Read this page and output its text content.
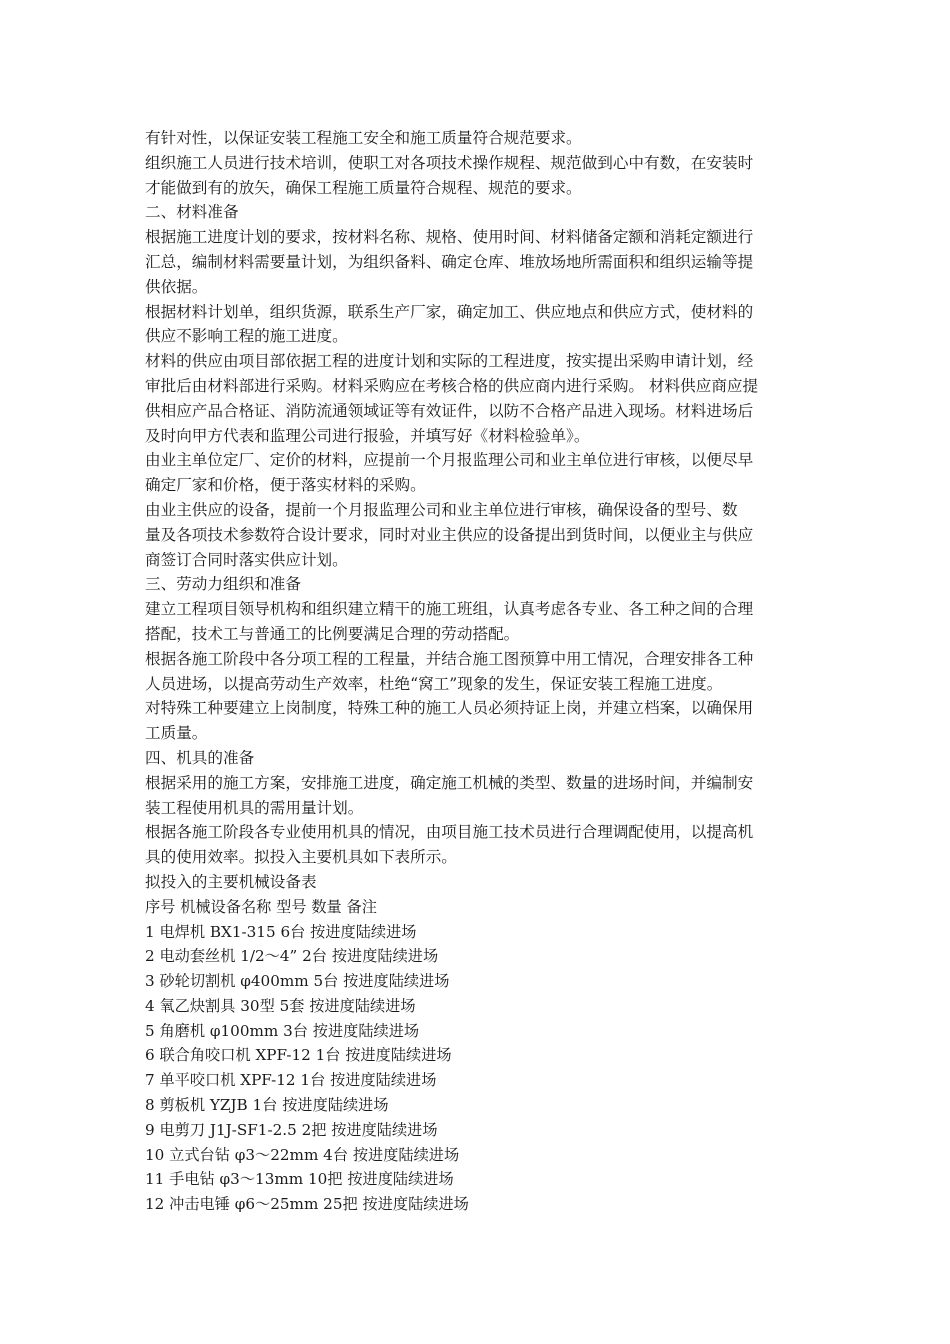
有针对性，以保证安装工程施工安全和施工质量符合规范要求。

组织施工人员进行技术培训，使职工对各项技术操作规程、规范做到心中有数，在安装时

才能做到有的放矢，确保工程施工质量符合规程、规范的要求。

二、材料准备

根据施工进度计划的要求，按材料名称、规格、使用时间、材料储备定额和消耗定额进行

汇总，编制材料需要量计划，为组织备料、确定仓库、堆放场地所需面积和组织运输等提

供依据。

根据材料计划单，组织货源，联系生产厂家，确定加工、供应地点和供应方式，使材料的

供应不影响工程的施工进度。

材料的供应由项目部依据工程的进度计划和实际的工程进度，按实提出采购申请计划，经

审批后由材料部进行采购。材料采购应在考核合格的供应商内进行采购。 材料供应商应提

供相应产品合格证、消防流通领域证等有效证件，以防不合格产品进入现场。材料进场后

及时向甲方代表和监理公司进行报验，并填写好《材料检验单》。

由业主单位定厂、定价的材料，应提前一个月报监理公司和业主单位进行审核，以便尽早

确定厂家和价格，便于落实材料的采购。

由业主供应的设备，提前一个月报监理公司和业主单位进行审核，确保设备的型号、数

量及各项技术参数符合设计要求，同时对业主供应的设备提出到货时间，以便业主与供应

商签订合同时落实供应计划。

三、劳动力组织和准备

建立工程项目领导机构和组织建立精干的施工班组，认真考虑各专业、各工种之间的合理

搭配，技术工与普通工的比例要满足合理的劳动搭配。

根据各施工阶段中各分项工程的工程量，并结合施工图预算中用工情况，合理安排各工种

人员进场，以提高劳动生产效率，杜绝“窝工”现象的发生，保证安装工程施工进度。

对特殊工种要建立上岗制度，特殊工种的施工人员必须持证上岗，并建立档案，以确保用

工质量。

四、机具的准备

根据采用的施工方案，安排施工进度，确定施工机械的类型、数量的进场时间，并编制安

装工程使用机具的需用量计划。

根据各施工阶段各专业使用机具的情况，由项目施工技术员进行合理调配使用，以提高机

具的使用效率。拟投入主要机具如下表所示。

拟投入的主要机械设备表

序号 机械设备名称 型号 数量 备注

1 电焊机 BX1-315 6台 按进度陆续进场

2 电动套丝机 1/2～4” 2台 按进度陆续进场

3 砂轮切割机 φ400mm 5台 按进度陆续进场

4 氧乙炔割具 30型 5套 按进度陆续进场

5 角磨机 φ100mm 3台 按进度陆续进场

6 联合角咬口机 XPF-12 1台 按进度陆续进场

7 单平咬口机 XPF-12 1台 按进度陆续进场

8 剪板机 YZJB 1台 按进度陆续进场

9 电剪刀 J1J-SF1-2.5 2把 按进度陆续进场

10 立式台钻 φ3～22mm 4台 按进度陆续进场

11 手电钻 φ3～13mm 10把 按进度陆续进场

12 冲击电锤 φ6～25mm 25把 按进度陆续进场
